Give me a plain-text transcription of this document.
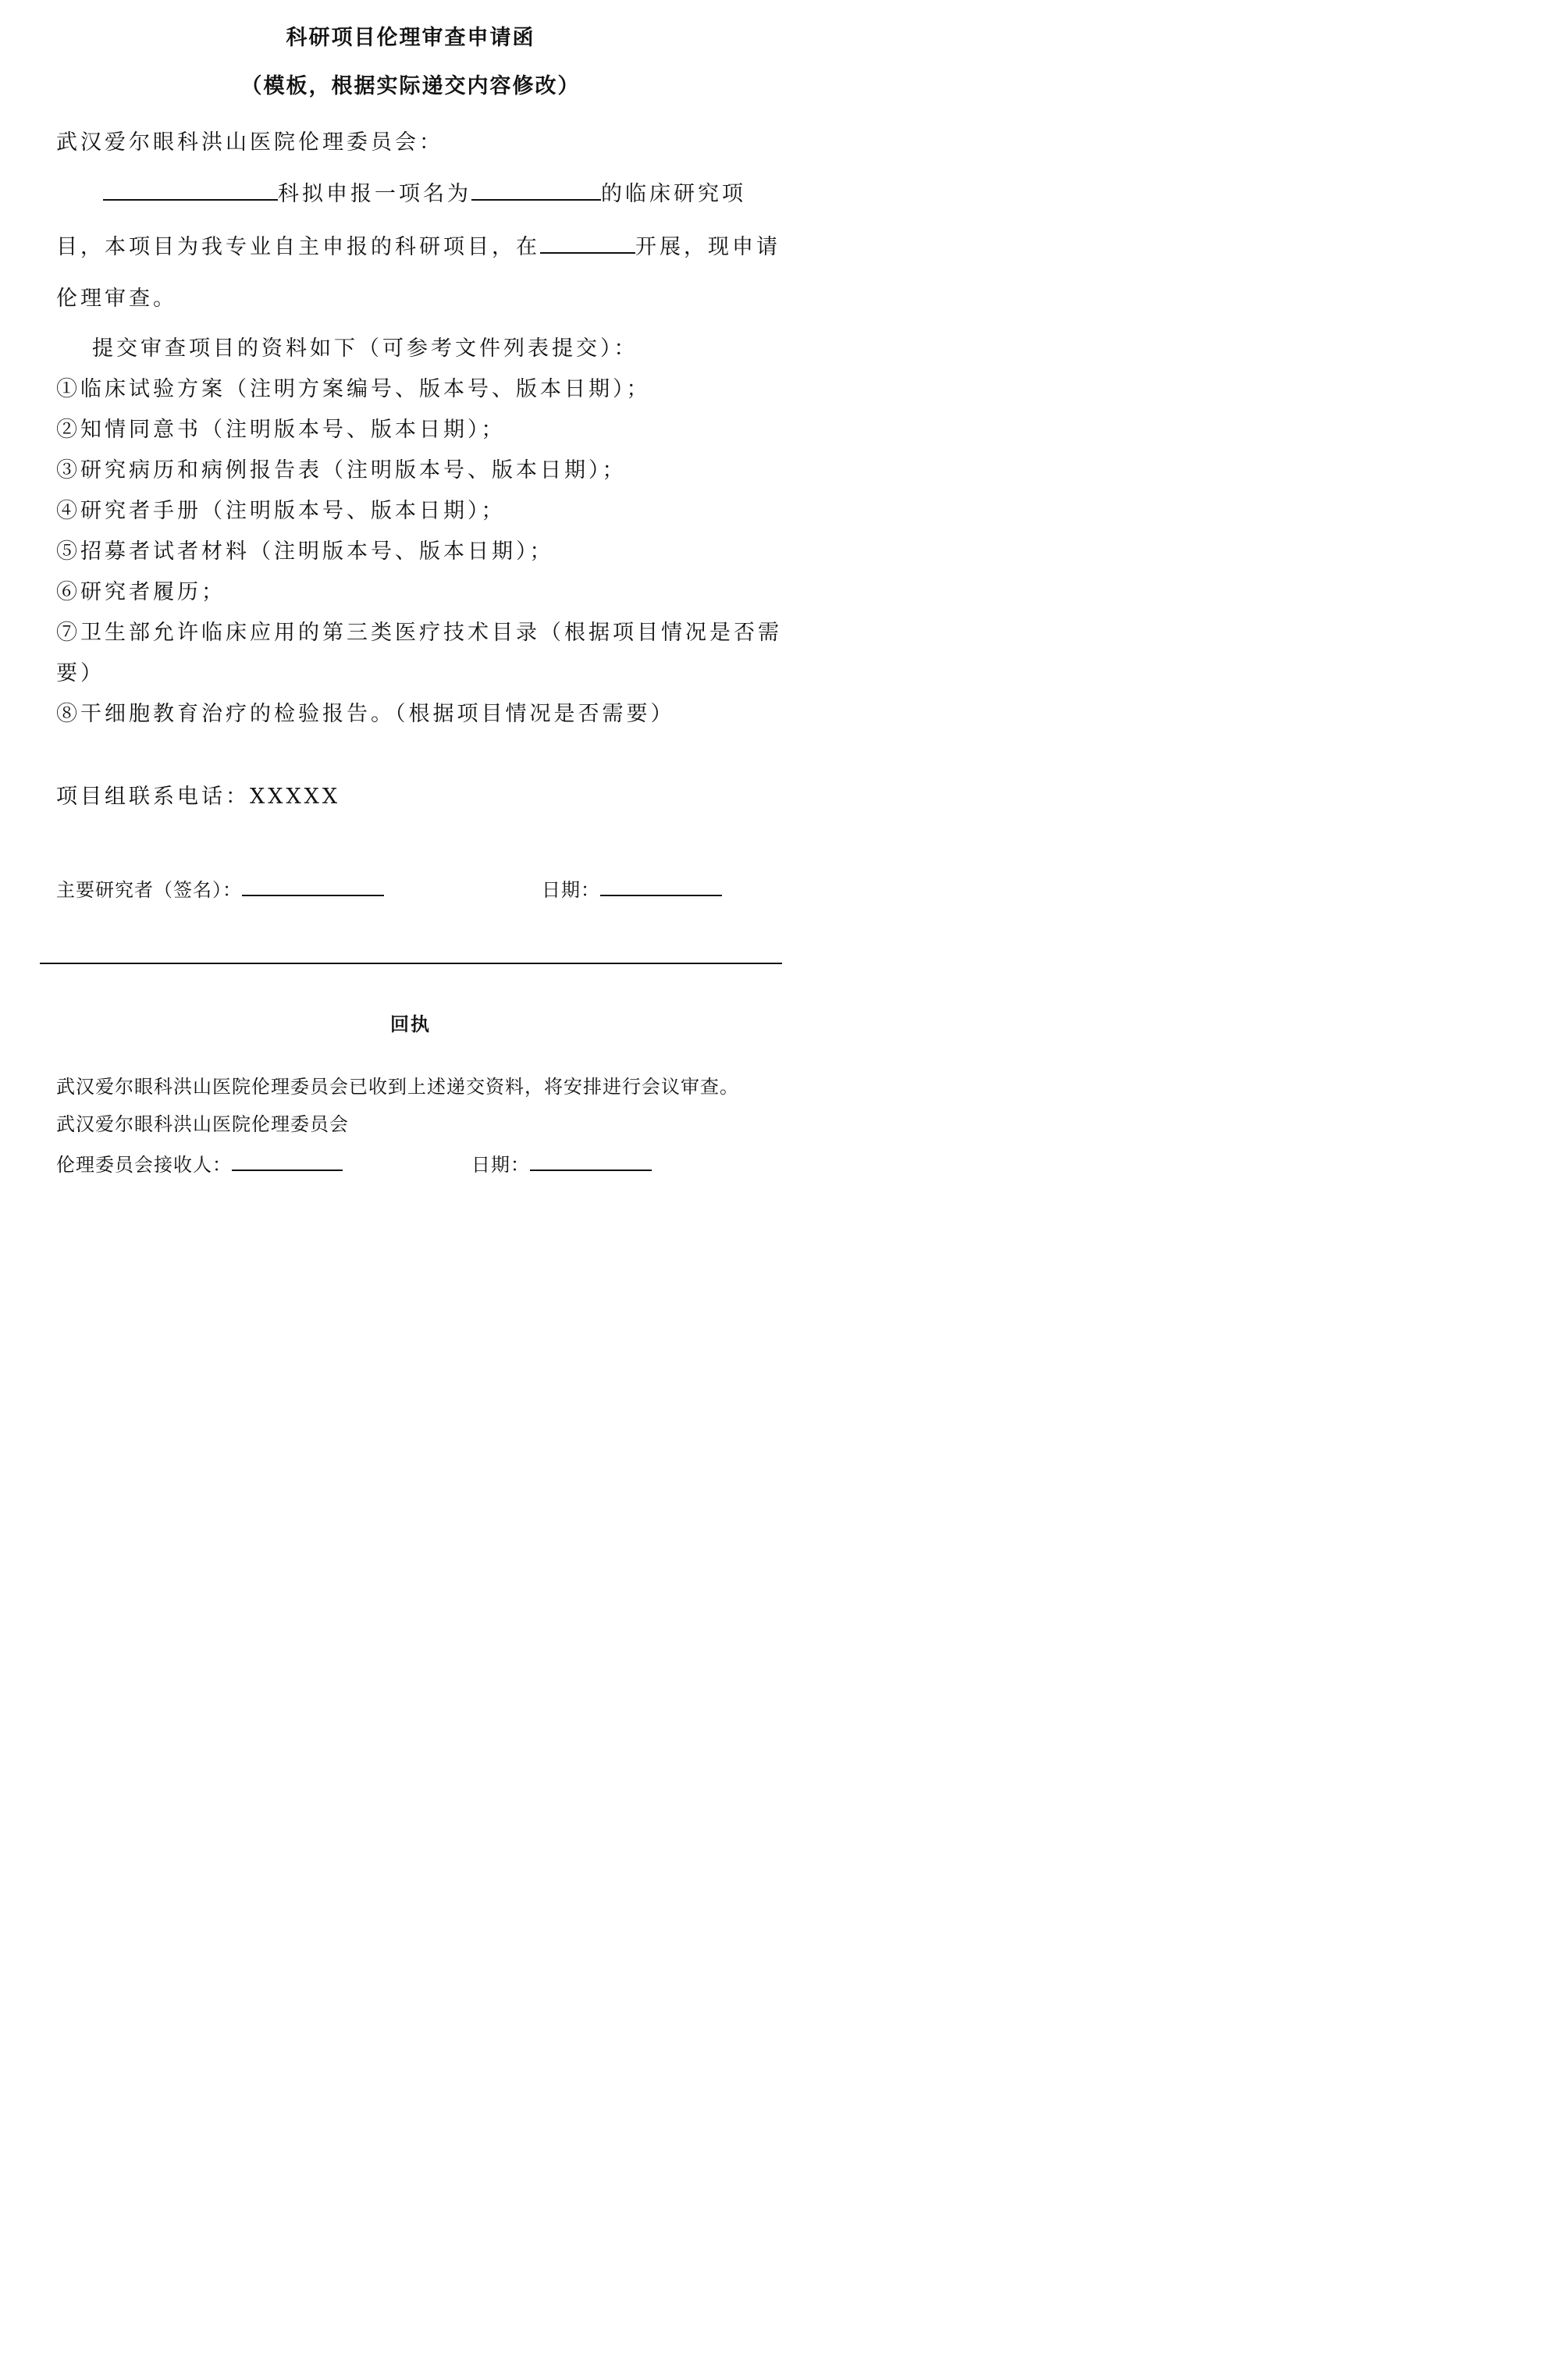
科研项目伦理审查申请函
（模板，根据实际递交内容修改）
武汉爱尔眼科洪山医院伦理委员会：
科拟申报一项名为	的临床研究项
目，本项目为我专业自主申报的科研项目，在	开展，现申请
伦理审查。
提交审查项目的资料如下（可参考文件列表提交）：
①临床试验方案（注明方案编号、版本号、版本日期）；
②知情同意书（注明版本号、版本日期）；
③研究病历和病例报告表（注明版本号、版本日期）；
④研究者手册（注明版本号、版本日期）；
⑤招募者试者材料（注明版本号、版本日期）；
⑥研究者履历；
⑦卫生部允许临床应用的第三类医疗技术目录（根据项目情况是否需
要）
⑧干细胞教育治疗的检验报告。（根据项目情况是否需要）
项目组联系电话：XXXXX
主要研究者（签名）：	日期：
回执
武汉爱尔眼科洪山医院伦理委员会已收到上述递交资料，将安排进行会议审查。
武汉爱尔眼科洪山医院伦理委员会
伦理委员会接收人：	日期：
